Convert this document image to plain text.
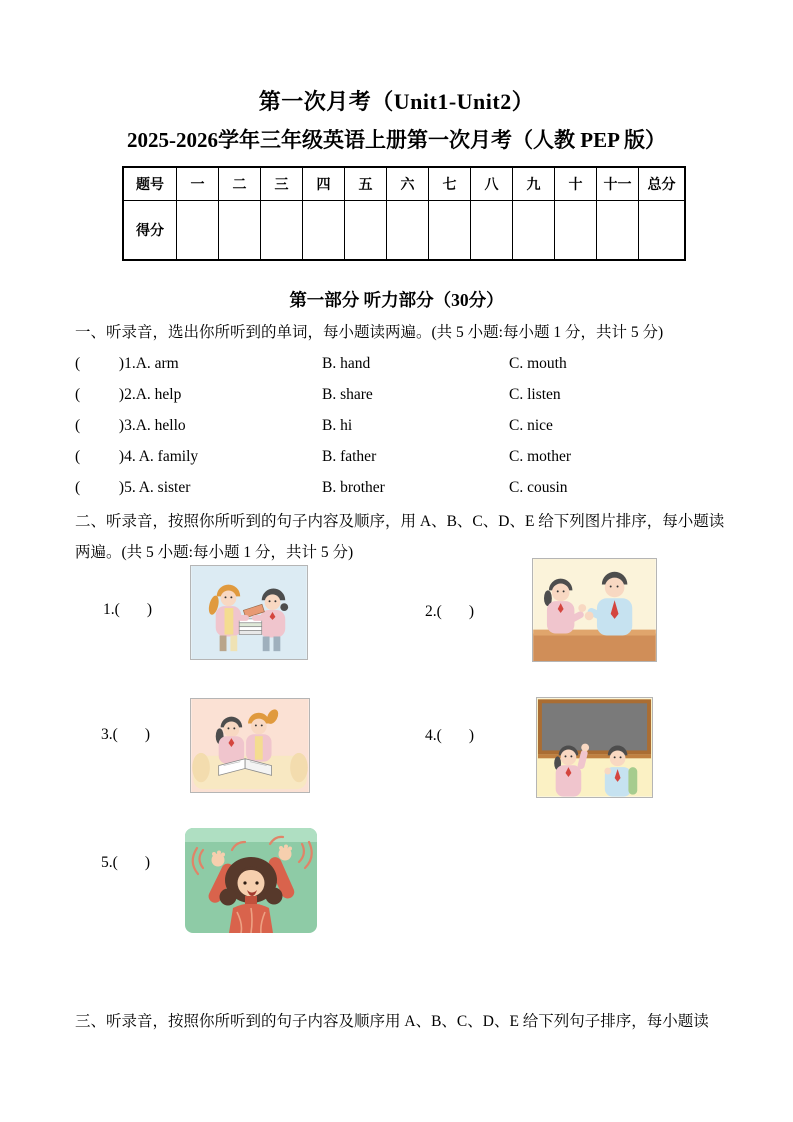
第一次月考（Unit1-Unit2）
2025-2026学年三年级英语上册第一次月考（人教 PEP 版）
题号	一	二	三	四	五	六	七	八	九	十	十一	总分
得分												
第一部分 听力部分（30分）
一、听录音，选出你所听到的单词，每小题读两遍。(共 5 小题:每小题 1 分，共计 5 分)
(          )1.A. arm	B. hand	C. mouth
(          )2.A. help	B. share	C. listen
(          )3.A. hello	B. hi	C. nice
(          )4. A. family	B. father	C. mother
(          )5. A. sister	B. brother	C. cousin
二、听录音，按照你所听到的句子内容及顺序，用 A、B、C、D、E 给下列图片排序，每小题读两遍。(共 5 小题:每小题 1 分，共计 5 分)
1.(       )	2.(       )
3.(       )	4.(       )
5.(       )
三、听录音，按照你所听到的句子内容及顺序用 A、B、C、D、E 给下列句子排序，每小题读
